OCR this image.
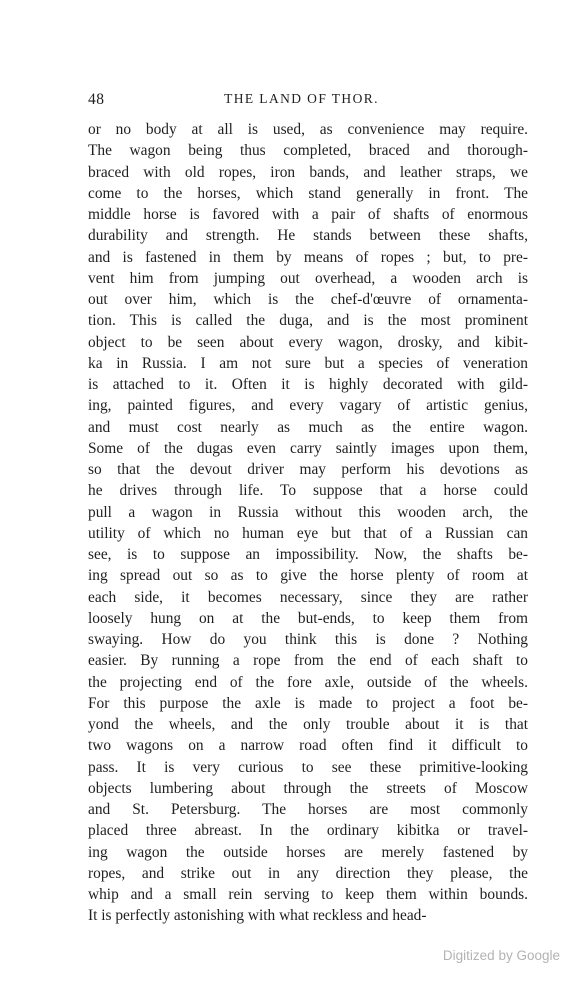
48	THE LAND OF THOR.
or no body at all is used, as convenience may require.
The wagon being thus completed, braced and thorough-
braced with old ropes, iron bands, and leather straps, we
come to the horses, which stand generally in front. The
middle horse is favored with a pair of shafts of enormous
durability and strength. He stands between these shafts,
and is fastened in them by means of ropes ; but, to pre-
vent him from jumping out overhead, a wooden arch is
out over him, which is the chef-d'œuvre of ornamenta-
tion. This is called the duga, and is the most prominent
object to be seen about every wagon, drosky, and kibit-
ka in Russia. I am not sure but a species of veneration
is attached to it. Often it is highly decorated with gild-
ing, painted figures, and every vagary of artistic genius,
and must cost nearly as much as the entire wagon.
Some of the dugas even carry saintly images upon them,
so that the devout driver may perform his devotions as
he drives through life. To suppose that a horse could
pull a wagon in Russia without this wooden arch, the
utility of which no human eye but that of a Russian can
see, is to suppose an impossibility. Now, the shafts be-
ing spread out so as to give the horse plenty of room at
each side, it becomes necessary, since they are rather
loosely hung on at the but-ends, to keep them from
swaying. How do you think this is done ? Nothing
easier. By running a rope from the end of each shaft to
the projecting end of the fore axle, outside of the wheels.
For this purpose the axle is made to project a foot be-
yond the wheels, and the only trouble about it is that
two wagons on a narrow road often find it difficult to
pass. It is very curious to see these primitive-looking
objects lumbering about through the streets of Moscow
and St. Petersburg. The horses are most commonly
placed three abreast. In the ordinary kibitka or travel-
ing wagon the outside horses are merely fastened by
ropes, and strike out in any direction they please, the
whip and a small rein serving to keep them within bounds.
It is perfectly astonishing with what reckless and head-
Digitized by Google
